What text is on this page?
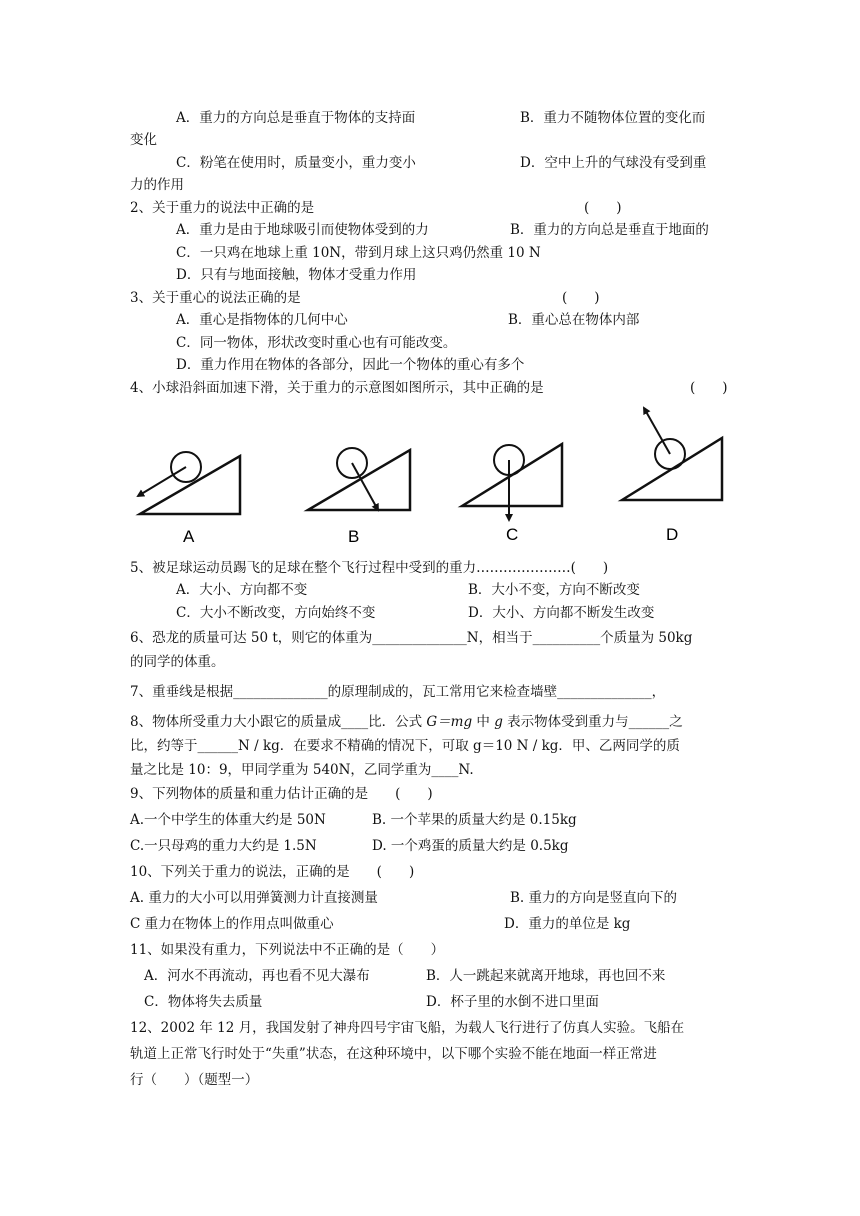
A．重力的方向总是垂直于物体的支持面	B．重力不随物体位置的变化而
变化
C．粉笔在使用时，质量变小，重力变小	D．空中上升的气球没有受到重
力的作用
2、关于重力的说法中正确的是	(　　)
A．重力是由于地球吸引而使物体受到的力	B．重力的方向总是垂直于地面的
C．一只鸡在地球上重 10N，带到月球上这只鸡仍然重 10 N
D．只有与地面接触，物体才受重力作用
3、关于重心的说法正确的是	(　　)
A．重心是指物体的几何中心	B．重心总在物体内部
C．同一物体，形状改变时重心也有可能改变。
D．重力作用在物体的各部分，因此一个物体的重心有多个
4、小球沿斜面加速下滑，关于重力的示意图如图所示，其中正确的是	(　　)
A	B	C	D
5、被足球运动员踢飞的足球在整个飞行过程中受到的重力…………………(　　)
A．大小、方向都不变	B．大小不变，方向不断改变
C．大小不断改变，方向始终不变	D．大小、方向都不断发生改变
6、恐龙的质量可达 50 t，则它的体重为______________N，相当于__________个质量为 50kg
的同学的体重。
7、重垂线是根据______________的原理制成的，瓦工常用它来检查墙壁______________，
8、物体所受重力大小跟它的质量成____比．公式 G＝mg 中 g 表示物体受到重力与______之
比，约等于______N / kg．在要求不精确的情况下，可取 g＝10 N / kg．甲、乙两同学的质
量之比是 10：9，甲同学重为 540N，乙同学重为____N.
9、下列物体的质量和重力估计正确的是　　(　　)
A.一个中学生的体重大约是 50N	B. 一个苹果的质量大约是 0.15kg
C.一只母鸡的重力大约是 1.5N	D. 一个鸡蛋的质量大约是 0.5kg
10、下列关于重力的说法，正确的是　　(　　)
A. 重力的大小可以用弹簧测力计直接测量	B. 重力的方向是竖直向下的
C 重力在物体上的作用点叫做重心	D．重力的单位是 kg
11、如果没有重力，下列说法中不正确的是（　　）
A．河水不再流动，再也看不见大瀑布	B．人一跳起来就离开地球，再也回不来
C．物体将失去质量	D．杯子里的水倒不进口里面
12、2002 年 12 月，我国发射了神舟四号宇宙飞船，为载人飞行进行了仿真人实验。飞船在
轨道上正常飞行时处于“失重”状态，在这种环境中，以下哪个实验不能在地面一样正常进
行（　　）（题型一）
